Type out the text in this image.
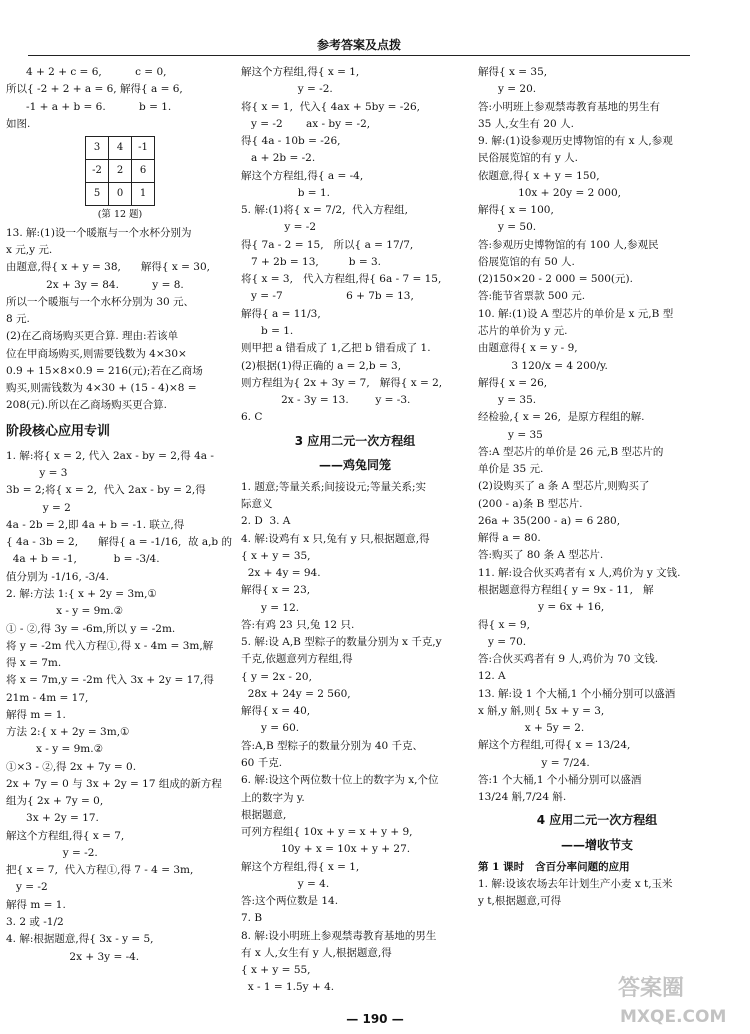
参考答案及点拨
4 + 2 + c = 6,          c = 0,
所以{ -2 + 2 + a = 6, 解得{ a = 6,
-1 + a + b = 6.          b = 1.
如图.
3	4	-1
-2	2	6
5	0	1
(第 12 题)
13. 解:(1)设一个暖瓶与一个水杯分别为
x 元,y 元.
由题意,得{ x + y = 38,      解得{ x = 30,
2x + 3y = 84.          y = 8.
所以一个暖瓶与一个水杯分别为 30 元、
8 元.
(2)在乙商场购买更合算. 理由:若该单
位在甲商场购买,则需要钱数为 4×30×
0.9 + 15×8×0.9 = 216(元);若在乙商场
购买,则需钱数为 4×30 + (15 - 4)×8 =
208(元).所以在乙商场购买更合算.
阶段核心应用专训
1. 解:将{ x = 2, 代入 2ax - by = 2,得 4a -
y = 3
3b = 2;将{ x = 2,  代入 2ax - by = 2,得
y = 2
4a - 2b = 2,即 4a + b = -1. 联立,得
{ 4a - 3b = 2,      解得{ a = -1/16,  故 a,b 的
4a + b = -1,           b = -3/4.
值分别为 -1/16, -3/4.
2. 解:方法 1:{ x + 2y = 3m,①
x - y = 9m.②
① - ②,得 3y = -6m,所以 y = -2m.
将 y = -2m 代入方程①,得 x - 4m = 3m,解
得 x = 7m.
将 x = 7m,y = -2m 代入 3x + 2y = 17,得
21m - 4m = 17,
解得 m = 1.
方法 2:{ x + 2y = 3m,①
x - y = 9m.②
①×3 - ②,得 2x + 7y = 0.
2x + 7y = 0 与 3x + 2y = 17 组成的新方程
组为{ 2x + 7y = 0,
3x + 2y = 17.
解这个方程组,得{ x = 7,
y = -2.
把{ x = 7,  代入方程①,得 7 - 4 = 3m,
y = -2
解得 m = 1.
3. 2 或 -1/2
4. 解:根据题意,得{ 3x - y = 5,
2x + 3y = -4.
解这个方程组,得{ x = 1,
y = -2.
将{ x = 1,  代入{ 4ax + 5by = -26,
y = -2       ax - by = -2,
得{ 4a - 10b = -26,
a + 2b = -2.
解这个方程组,得{ a = -4,
b = 1.
5. 解:(1)将{ x = 7/2,  代入方程组,
y = -2
得{ 7a - 2 = 15,   所以{ a = 17/7,
7 + 2b = 13,         b = 3.
将{ x = 3,   代入方程组,得{ 6a - 7 = 15,
y = -7                   6 + 7b = 13,
解得{ a = 11/3,
b = 1.
则甲把 a 错看成了 1,乙把 b 错看成了 1.
(2)根据(1)得正确的 a = 2,b = 3,
则方程组为{ 2x + 3y = 7,   解得{ x = 2,
2x - 3y = 13.        y = -3.
6. C
3 应用二元一次方程组
——鸡兔同笼
1. 题意;等量关系;间接设元;等量关系;实
际意义
2. D  3. A
4. 解:设鸡有 x 只,兔有 y 只,根据题意,得
{ x + y = 35,
2x + 4y = 94.
解得{ x = 23,
y = 12.
答:有鸡 23 只,兔 12 只.
5. 解:设 A,B 型粽子的数量分别为 x 千克,y
千克,依题意列方程组,得
{ y = 2x - 20,
28x + 24y = 2 560,
解得{ x = 40,
y = 60.
答:A,B 型粽子的数量分别为 40 千克、
60 千克.
6. 解:设这个两位数十位上的数字为 x,个位
上的数字为 y.
根据题意,
可列方程组{ 10x + y = x + y + 9,
10y + x = 10x + y + 27.
解这个方程组,得{ x = 1,
y = 4.
答:这个两位数是 14.
7. B
8. 解:设小明班上参观禁毒教育基地的男生
有 x 人,女生有 y 人,根据题意,得
{ x + y = 55,
x - 1 = 1.5y + 4.
解得{ x = 35,
y = 20.
答:小明班上参观禁毒教育基地的男生有
35 人,女生有 20 人.
9. 解:(1)设参观历史博物馆的有 x 人,参观
民俗展览馆的有 y 人.
依题意,得{ x + y = 150,
10x + 20y = 2 000,
解得{ x = 100,
y = 50.
答:参观历史博物馆的有 100 人,参观民
俗展览馆的有 50 人.
(2)150×20 - 2 000 = 500(元).
答:能节省票款 500 元.
10. 解:(1)设 A 型芯片的单价是 x 元,B 型
芯片的单价为 y 元.
由题意得{ x = y - 9,
3 120/x = 4 200/y.
解得{ x = 26,
y = 35.
经检验,{ x = 26,  是原方程组的解.
y = 35
答:A 型芯片的单价是 26 元,B 型芯片的
单价是 35 元.
(2)设购买了 a 条 A 型芯片,则购买了
(200 - a)条 B 型芯片.
26a + 35(200 - a) = 6 280,
解得 a = 80.
答:购买了 80 条 A 型芯片.
11. 解:设合伙买鸡者有 x 人,鸡价为 y 文钱.
根据题意得方程组{ y = 9x - 11,   解
y = 6x + 16,
得{ x = 9,
y = 70.
答:合伙买鸡者有 9 人,鸡价为 70 文钱.
12. A
13. 解:设 1 个大桶,1 个小桶分别可以盛酒
x 斛,y 斛,则{ 5x + y = 3,
x + 5y = 2.
解这个方程组,可得{ x = 13/24,
y = 7/24.
答:1 个大桶,1 个小桶分别可以盛酒
13/24 斛,7/24 斛.
4 应用二元一次方程组
——增收节支
第 1 课时   含百分率问题的应用
1. 解:设该农场去年计划生产小麦 x t,玉米
y t,根据题意,可得
— 190 —
答案圈
MXQE.COM
